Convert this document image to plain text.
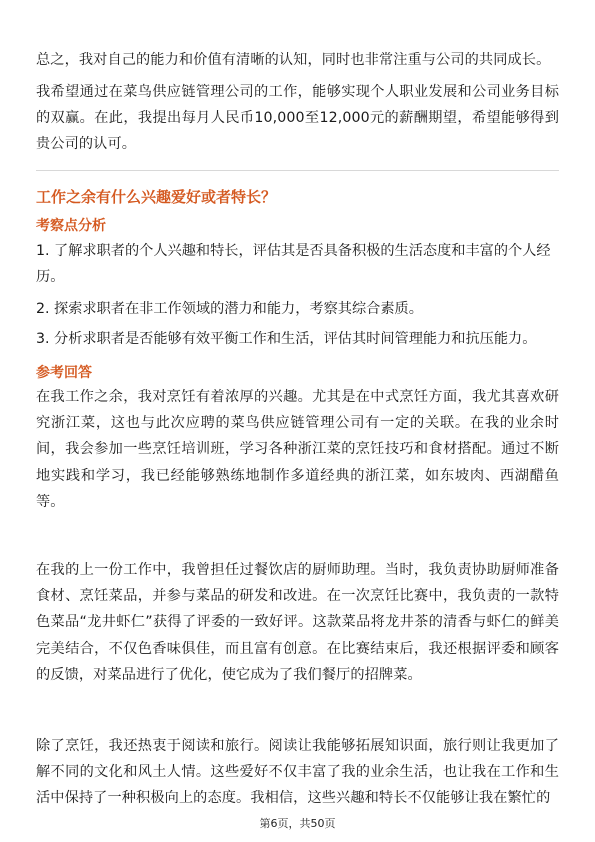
总之，我对自己的能力和价值有清晰的认知，同时也非常注重与公司的共同成长。

我希望通过在菜鸟供应链管理公司的工作，能够实现个人职业发展和公司业务目标的双赢。在此，我提出每月人民币10,000至12,000元的薪酬期望，希望能够得到贵公司的认可。

工作之余有什么兴趣爱好或者特长？

考察点分析

1. 了解求职者的个人兴趣和特长，评估其是否具备积极的生活态度和丰富的个人经历。

2. 探索求职者在非工作领域的潜力和能力，考察其综合素质。

3. 分析求职者是否能够有效平衡工作和生活，评估其时间管理能力和抗压能力。

参考回答

在我工作之余，我对烹饪有着浓厚的兴趣。尤其是在中式烹饪方面，我尤其喜欢研究浙江菜，这也与此次应聘的菜鸟供应链管理公司有一定的关联。在我的业余时间，我会参加一些烹饪培训班，学习各种浙江菜的烹饪技巧和食材搭配。通过不断地实践和学习，我已经能够熟练地制作多道经典的浙江菜，如东坡肉、西湖醋鱼等。

在我的上一份工作中，我曾担任过餐饮店的厨师助理。当时，我负责协助厨师准备食材、烹饪菜品，并参与菜品的研发和改进。在一次烹饪比赛中，我负责的一款特色菜品“龙井虾仁”获得了评委的一致好评。这款菜品将龙井茶的清香与虾仁的鲜美完美结合，不仅色香味俱佳，而且富有创意。在比赛结束后，我还根据评委和顾客的反馈，对菜品进行了优化，使它成为了我们餐厅的招牌菜。

除了烹饪，我还热衷于阅读和旅行。阅读让我能够拓展知识面，旅行则让我更加了解不同的文化和风土人情。这些爱好不仅丰富了我的业余生活，也让我在工作和生活中保持了一种积极向上的态度。我相信，这些兴趣和特长不仅能够让我在繁忙的

第6页，共50页
